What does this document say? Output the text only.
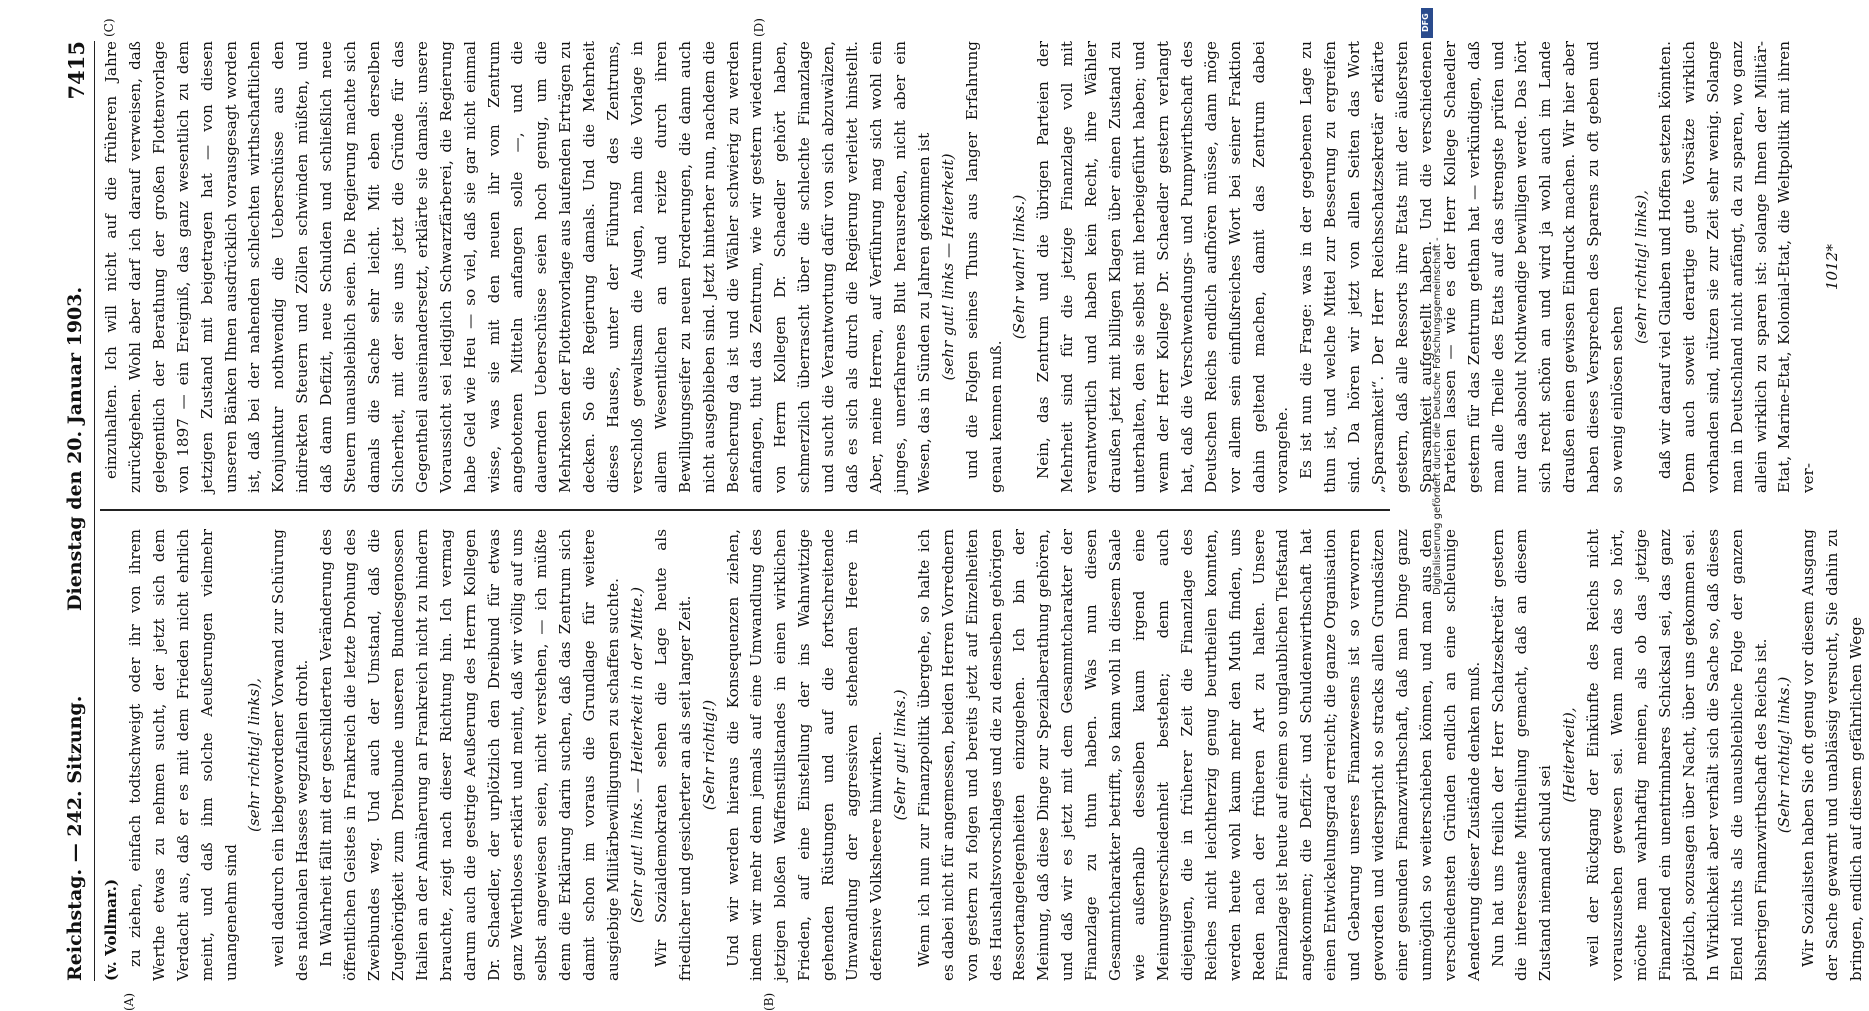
Reichstag. — 242. Sitzung.
Dienstag den 20. Januar 1903.
7415
(A)	(B)
(C)	(D)

(v. Vollmar.) zu ziehen, einfach todtschweigt oder ihr von ihrem Werthe etwas zu nehmen sucht, der jetzt sich dem Verdacht aus, daß er es mit dem Frieden nicht ehrlich meint, und daß ihm solche Aeußerungen vielmehr unangenehm sind

(sehr richtig! links), weil dadurch ein liebgewordener Vorwand zur Schürung des nationalen Hasses wegzufallen droht. In Wahrheit fällt mit der geschilderten Veränderung des öffentlichen Geistes in Frankreich die letzte Drohung des Zweibundes weg. Und auch der Umstand, daß die Zugehörigkeit zum Dreibunde unseren Bundesgenossen Italien an der Annäherung an Frankreich nicht zu hindern brauchte, zeigt nach dieser Richtung hin. Ich vermag darum auch die gestrige Aeußerung des Herrn Kollegen Dr. Schaedler, der urplötzlich den Dreibund für etwas ganz Werthloses erklärt und meint, daß wir völlig auf uns selbst angewiesen seien, nicht verstehen, — ich müßte denn die Erklärung darin suchen, daß das Zentrum sich damit schon im voraus die Grundlage für weitere ausgiebige Militärbewilligungen zu schaffen suchte. (Sehr gut! links. — Heiterkeit in der Mitte.) Wir Sozialdemokraten sehen die Lage heute als friedlicher und gesicherter an als seit langer Zeit. (Sehr richtig!) Und wir werden hieraus die Konsequenzen ziehen, indem wir mehr denn jemals auf eine Umwandlung des jetzigen bloßen Waffenstillstandes in einen wirklichen Frieden, auf eine Einstellung der ins Wahnwitzige gehenden Rüstungen und auf die fortschreitende Umwandlung der aggressiven stehenden Heere in defensive Volksheere hinwirken. (Sehr gut! links.) Wenn ich nun zur Finanzpolitik übergehe, so halte ich es dabei nicht für angemessen, beiden Herren Vorrednern von gestern zu folgen und bereits jetzt auf Einzelheiten des Haushaltsvorschlages und die zu denselben gehörigen Ressortangelegenheiten einzugehen. Ich bin der Meinung, daß diese Dinge zur Spezialberathung gehören, und daß wir es jetzt mit dem Gesammtcharakter der Finanzlage zu thun haben. Was nun diesen Gesammtcharakter betrifft, so kann wohl in diesem Saale wie außerhalb desselben kaum irgend eine Meinungsverschiedenheit bestehen; denn auch diejenigen, die in früherer Zeit die Finanzlage des Reiches nicht leichtherzig genug beurtheilen konnten, werden heute wohl kaum mehr den Muth finden, uns Reden nach der früheren Art zu halten. Unsere Finanzlage ist heute auf einem so unglaublichen Tiefstand angekommen; die Defizit- und Schuldenwirthschaft hat einen Entwickelungsgrad erreicht; die ganze Organisation und Gebarung unseres Finanzwesens ist so verworren geworden und widerspricht so stracks allen Grundsätzen einer gesunden Finanzwirthschaft, daß man Dinge ganz unmöglich so weiterschieben können, und man aus den verschiedensten Gründen endlich an eine schleunige Aenderung dieser Zustände denken muß. Nun hat uns freilich der Herr Schatzsekretär gestern die interessante Mittheilung gemacht, daß an diesem Zustand niemand schuld sei

(Heiterkeit), weil der Rückgang der Einkünfte des Reichs nicht vorauszusehen gewesen sei. Wenn man das so hört, möchte man wahrhaftig meinen, als ob das jetzige Finanzelend ein unentrinnbares Schicksal sei, das ganz plötzlich, sozusagen über Nacht, über uns gekommen sei. In Wirklichkeit aber verhält sich die Sache so, daß dieses Elend nichts als die unausbleibliche Folge der ganzen bisherigen Finanzwirthschaft des Reichs ist. (Sehr richtig! links.) Wir Sozialisten haben Sie oft genug vor diesem Ausgang der Sache gewarnt und unablässig versucht, Sie dahin zu bringen, endlich auf diesem gefährlichen Wege

einzuhalten. Ich will nicht auf die früheren Jahre zurückgehen. Wohl aber darf ich darauf verweisen, daß gelegentlich der Berathung der großen Flottenvorlage von 1897 — ein Ereigniß, das ganz wesentlich zu dem jetzigen Zustand mit beigetragen hat — von diesen unseren Bänken Ihnen ausdrücklich vorausgesagt worden ist, daß bei der nahenden schlechten wirthschaftlichen Konjunktur nothwendig die Ueberschüsse aus den indirekten Steuern und Zöllen schwinden müßten, und daß dann Defizit, neue Schulden und schließlich neue Steuern unausbleiblich seien. Die Regierung machte sich damals die Sache sehr leicht. Mit eben derselben Sicherheit, mit der sie uns jetzt die Gründe für das Gegentheil auseinandersetzt, erklärte sie damals: unsere Voraussicht sei lediglich Schwarzfärberei, die Regierung habe Geld wie Heu — so viel, daß sie gar nicht einmal wisse, was sie mit den neuen ihr vom Zentrum angebotenen Mitteln anfangen solle —, und die dauernden Ueberschüsse seien hoch genug, um die Mehrkosten der Flottenvorlage aus laufenden Erträgen zu decken. So die Regierung damals. Und die Mehrheit dieses Hauses, unter der Führung des Zentrums, verschloß gewaltsam die Augen, nahm die Vorlage in allem Wesentlichen an und reizte durch ihren Bewilligungseifer zu neuen Forderungen, die dann auch nicht ausgeblieben sind. Jetzt hinterher nun, nachdem die Bescherung da ist und die Wähler schwierig zu werden anfangen, thut das Zentrum, wie wir gestern wiederum von Herrn Kollegen Dr. Schaedler gehört haben, schmerzlich überrascht über die schlechte Finanzlage und sucht die Verantwortung dafür von sich abzuwälzen, daß es sich als durch die Regierung verleitet hinstellt. Aber, meine Herren, auf Verführung mag sich wohl ein junges, unerfahrenes Blut herausreden, nicht aber ein Wesen, das in Sünden zu Jahren gekommen ist (sehr gut! links — Heiterkeit) und die Folgen seines Thuns aus langer Erfahrung genau kennen muß.

(Sehr wahr! links.) Nein, das Zentrum und die übrigen Parteien der Mehrheit sind für die jetzige Finanzlage voll mit verantwortlich und haben kein Recht, ihre Wähler draußen jetzt mit billigen Klagen über einen Zustand zu unterhalten, den sie selbst mit herbeigeführt haben; und wenn der Herr Kollege Dr. Schaedler gestern verlangt hat, daß die Verschwendungs- und Pumpwirthschaft des Deutschen Reichs endlich aufhören müsse, dann möge vor allem sein einflußreiches Wort bei seiner Fraktion dahin geltend machen, damit das Zentrum dabei vorangehe. Es ist nun die Frage: was in der gegebenen Lage zu thun ist, und welche Mittel zur Besserung zu ergreifen sind. Da hören wir jetzt von allen Seiten das Wort „Sparsamkeit“. Der Herr Reichsschatzsekretär erklärte gestern, daß alle Ressorts ihre Etats mit der äußersten Sparsamkeit aufgestellt haben. Und die verschiedenen Parteien lassen — wie es der Herr Kollege Schaedler gestern für das Zentrum gethan hat — verkündigen, daß man alle Theile des Etats auf das strengste prüfen und nur das absolut Nothwendige bewilligen werde. Das hört sich recht schön an und wird ja wohl auch im Lande draußen einen gewissen Eindruck machen. Wir hier aber haben dieses Versprechen des Sparens zu oft geben und so wenig einlösen sehen

(sehr richtig! links), daß wir darauf viel Glauben und Hoffen setzen könnten. Denn auch soweit derartige gute Vorsätze wirklich vorhanden sind, nützen sie zur Zeit sehr wenig. Solange man in Deutschland nicht anfängt, da zu sparen, wo ganz allein wirklich zu sparen ist: solange Ihnen der Militär-Etat, Marine-Etat, Kolonial-Etat, die Weltpolitik mit ihren ver-

1012*

Digitalisierung gefördert durch die Deutsche Forschungsgemeinschaft -
DFG
